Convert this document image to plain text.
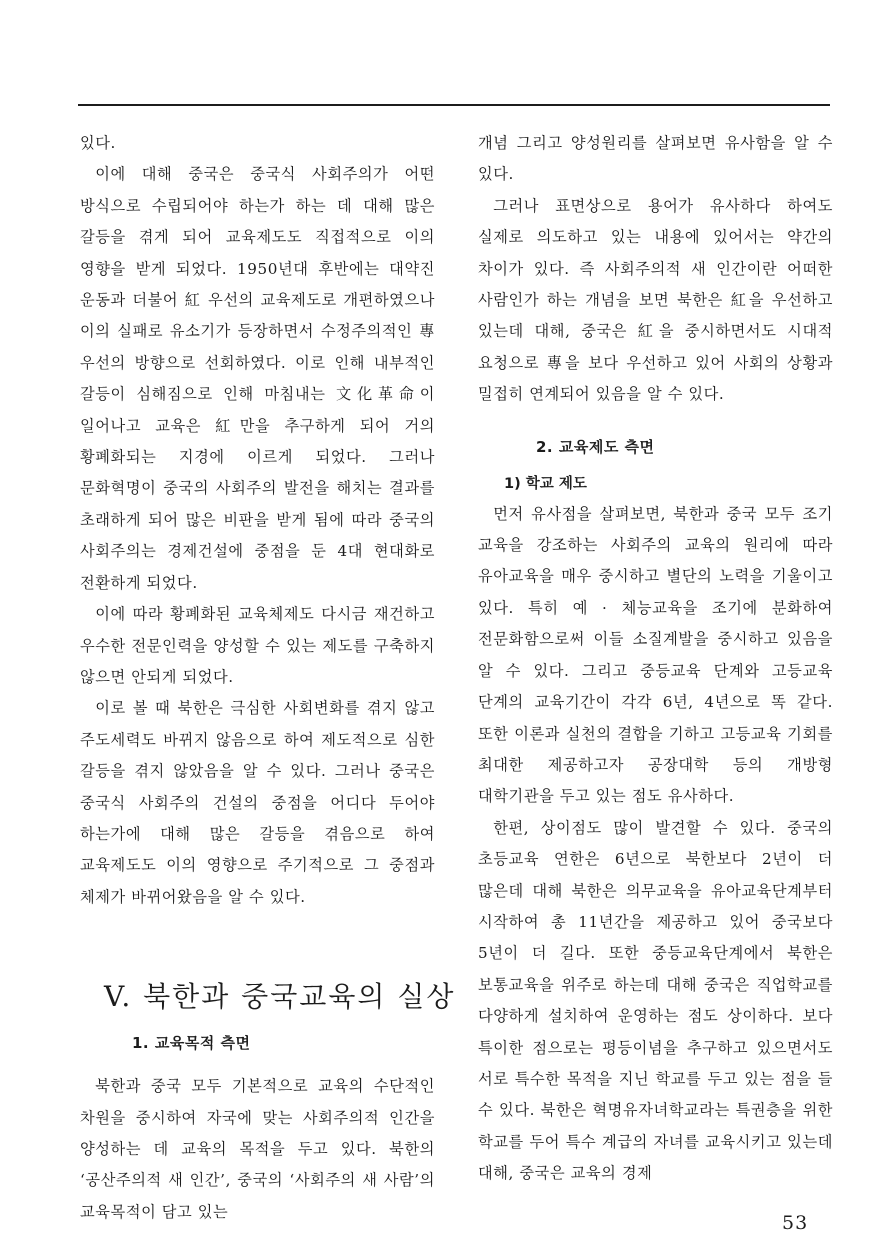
있다.

이에 대해 중국은 중국식 사회주의가 어떤 방식으로 수립되어야 하는가 하는 데 대해 많은 갈등을 겪게 되어 교육제도도 직접적으로 이의 영향을 받게 되었다. 1950년대 후반에는 대약진 운동과 더불어 紅 우선의 교육제도로 개편하였으나 이의 실패로 유소기가 등장하면서 수정주의적인 專 우선의 방향으로 선회하였다. 이로 인해 내부적인 갈등이 심해짐으로 인해 마침내는 文化革命이 일어나고 교육은 紅만을 추구하게 되어 거의 황폐화되는 지경에 이르게 되었다. 그러나 문화혁명이 중국의 사회주의 발전을 해치는 결과를 초래하게 되어 많은 비판을 받게 됨에 따라 중국의 사회주의는 경제건설에 중점을 둔 4대 현대화로 전환하게 되었다.

이에 따라 황폐화된 교육체제도 다시금 재건하고 우수한 전문인력을 양성할 수 있는 제도를 구축하지 않으면 안되게 되었다.

이로 볼 때 북한은 극심한 사회변화를 겪지 않고 주도세력도 바뀌지 않음으로 하여 제도적으로 심한 갈등을 겪지 않았음을 알 수 있다. 그러나 중국은 중국식 사회주의 건설의 중점을 어디다 두어야 하는가에 대해 많은 갈등을 겪음으로 하여 교육제도도 이의 영향으로 주기적으로 그 중점과 체제가 바뀌어왔음을 알 수 있다.

V. 북한과 중국교육의 실상
1. 교육목적 측면

북한과 중국 모두 기본적으로 교육의 수단적인 차원을 중시하여 자국에 맞는 사회주의적 인간을 양성하는 데 교육의 목적을 두고 있다. 북한의 ‘공산주의적 새 인간’, 중국의 ‘사회주의 새 사람’의 교육목적이 담고 있는

개념 그리고 양성원리를 살펴보면 유사함을 알 수 있다.

그러나 표면상으로 용어가 유사하다 하여도 실제로 의도하고 있는 내용에 있어서는 약간의 차이가 있다. 즉 사회주의적 새 인간이란 어떠한 사람인가 하는 개념을 보면 북한은 紅을 우선하고 있는데 대해, 중국은 紅을 중시하면서도 시대적 요청으로 專을 보다 우선하고 있어 사회의 상황과 밀접히 연계되어 있음을 알 수 있다.

2. 교육제도 측면
1) 학교 제도

먼저 유사점을 살펴보면, 북한과 중국 모두 조기 교육을 강조하는 사회주의 교육의 원리에 따라 유아교육을 매우 중시하고 별단의 노력을 기울이고 있다. 특히 예 · 체능교육을 조기에 분화하여 전문화함으로써 이들 소질계발을 중시하고 있음을 알 수 있다. 그리고 중등교육 단계와 고등교육 단계의 교육기간이 각각 6년, 4년으로 똑 같다. 또한 이론과 실천의 결합을 기하고 고등교육 기회를 최대한 제공하고자 공장대학 등의 개방형 대학기관을 두고 있는 점도 유사하다.

한편, 상이점도 많이 발견할 수 있다. 중국의 초등교육 연한은 6년으로 북한보다 2년이 더 많은데 대해 북한은 의무교육을 유아교육단계부터 시작하여 총 11년간을 제공하고 있어 중국보다 5년이 더 길다. 또한 중등교육단계에서 북한은 보통교육을 위주로 하는데 대해 중국은 직업학교를 다양하게 설치하여 운영하는 점도 상이하다. 보다 특이한 점으로는 평등이념을 추구하고 있으면서도 서로 특수한 목적을 지닌 학교를 두고 있는 점을 들 수 있다. 북한은 혁명유자녀학교라는 특권층을 위한 학교를 두어 특수 계급의 자녀를 교육시키고 있는데 대해, 중국은 교육의 경제

53
